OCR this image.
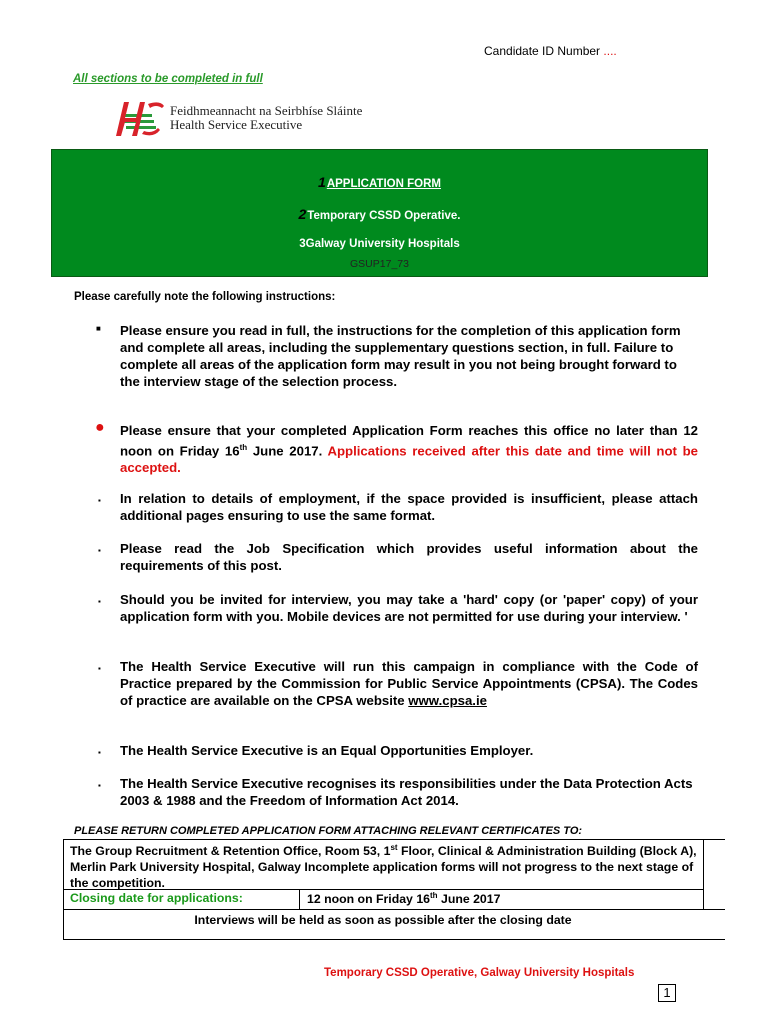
Candidate ID Number ....
All sections to be completed in full
Feidhmeannacht na Seirbhíse Sláinte
Health Service Executive
1APPLICATION FORM
2Temporary CSSD Operative.
3Galway University Hospitals
GSUP17_73
Please carefully note the following instructions:
■
Please ensure you read in full, the instructions for the completion of this application form and complete all areas, including the supplementary questions section, in full. Failure to complete all areas of the application form may result in you not being brought forward to the interview stage of the selection process.
● Please ensure that your completed Application Form reaches this office no later than 12 noon on Friday 16th June 2017. Applications received after this date and time will not be accepted.
▪ In relation to details of employment, if the space provided is insufficient, please attach additional pages ensuring to use the same format.
▪ Please read the Job Specification which provides useful information about the requirements of this post.
▪ Should you be invited for interview, you may take a 'hard' copy (or 'paper' copy) of your application form with you. Mobile devices are not permitted for use during your interview. '
▪ The Health Service Executive will run this campaign in compliance with the Code of Practice prepared by the Commission for Public Service Appointments (CPSA). The Codes of practice are available on the CPSA website www.cpsa.ie
▪ The Health Service Executive is an Equal Opportunities Employer.
▪ The Health Service Executive recognises its responsibilities under the Data Protection Acts 2003 & 1988 and the Freedom of Information Act 2014.
PLEASE RETURN COMPLETED APPLICATION FORM ATTACHING RELEVANT CERTIFICATES TO:
The Group Recruitment & Retention Office, Room 53, 1st Floor, Clinical & Administration Building (Block A), Merlin Park University Hospital, Galway Incomplete application forms will not progress to the next stage of the competition.
Closing date for applications:	12 noon on Friday 16th June 2017
Interviews will be held as soon as possible after the closing date
Temporary CSSD Operative, Galway University Hospitals
1
